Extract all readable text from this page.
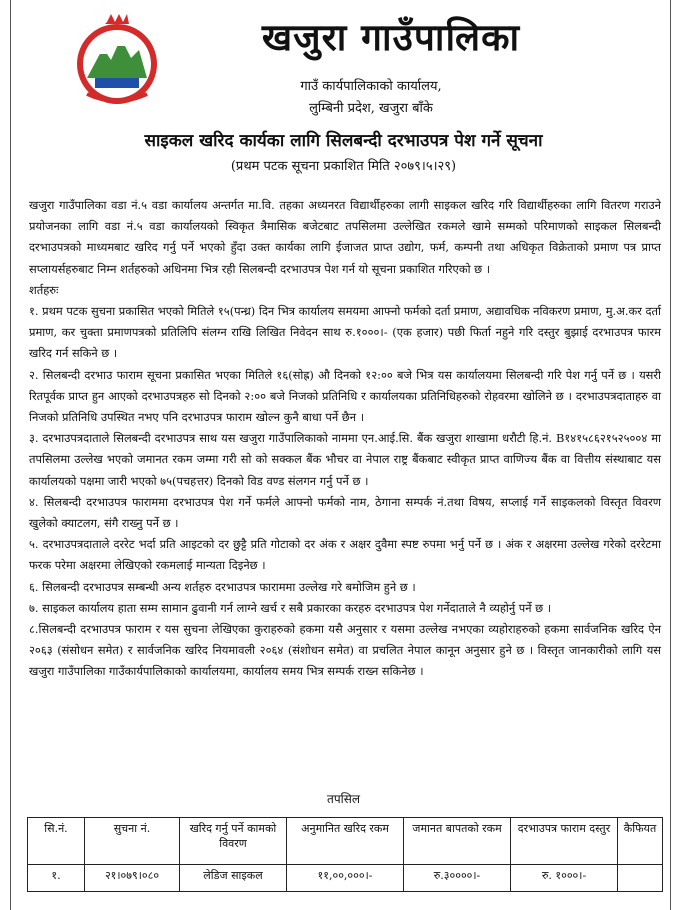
खजुरा गाउँपालिका
गाउँ कार्यपालिकाको कार्यालय,
लुम्बिनी प्रदेश, खजुरा बाँके
साइकल खरिद कार्यका लागि सिलबन्दी दरभाउपत्र पेश गर्ने सूचना
(प्रथम पटक सूचना प्रकाशित मिति २०७९।५।२९)

खजुरा गाउँपालिका वडा नं.५ वडा कार्यालय अन्तर्गत मा.वि. तहका अध्यनरत विद्यार्थीहरुका लागी साइकल खरिद गरि विद्यार्थीहरुका लागि वितरण गराउने प्रयोजनका लागि वडा नं.५ वडा कार्यालयको स्विकृत त्रैमासिक बजेटबाट तपसिलमा उल्लेखित रकमले खामे सम्मको परिमाणको साइकल सिलबन्दी दरभाउपत्रको माध्यमबाट खरिद गर्नु पर्ने भएको हुँदा उक्त कार्यका लागि ईजाजत प्राप्त उद्योग, फर्म, कम्पनी तथा अधिकृत विक्रेताको प्रमाण पत्र प्राप्त सप्लायर्सहरुबाट निम्न शर्तहरुको अधिनमा भित्र रही सिलबन्दी दरभाउपत्र पेश गर्न यो सूचना प्रकाशित गरिएको छ ।

शर्तहरुः

१. प्रथम पटक सुचना प्रकासित भएको मितिले १५(पन्ध्र) दिन भित्र कार्यालय समयमा आफ्नो फर्मको दर्ता प्रमाण, अद्यावधिक नविकरण प्रमाण, मु.अ.कर दर्ता प्रमाण, कर चुक्ता प्रमाणपत्रको प्रतिलिपि संलग्न राखि लिखित निवेदन साथ रु.१०००।- (एक हजार) पछी फिर्ता नहुने गरि दस्तुर बुझाई दरभाउपत्र फारम खरिद गर्न सकिने छ ।

२. सिलबन्दी दरभाउ फाराम सूचना प्रकासित भएका मितिले १६(सोह्र) औ दिनको १२:०० बजे भित्र यस कार्यालयमा सिलबन्दी गरि पेश गर्नु पर्ने छ । यसरी रितपूर्वक प्राप्त हुन आएको दरभाउपत्रहरु सो दिनको २:०० बजे निजको प्रतिनिधि र कार्यालयका प्रतिनिधिहरुको रोहवरमा खोलिने छ । दरभाउपत्रदाताहरु वा निजको प्रतिनिधि उपस्थित नभए पनि दरभाउपत्र फाराम खोल्न कुनै बाधा पर्ने छैन ।

३. दरभाउपत्रदाताले सिलबन्दी दरभाउपत्र साथ यस खजुरा गाउँपालिकाको नाममा एन.आई.सि. बैंक खजुरा शाखामा धरौटी हि.नं. B१४१५८६२१५२५००४ मा तपसिलमा उल्लेख भएको जमानत रकम जम्मा गरी सो को सक्कल बैंक भौचर वा नेपाल राष्ट्र बैंकबाट स्वीकृत प्राप्त वाणिज्य बैंक वा वित्तीय संस्थाबाट यस कार्यालयको पक्षमा जारी भएको ७५(पचहत्तर) दिनको विड वण्ड संलगन गर्नु पर्ने छ ।

४. सिलबन्दी दरभाउपत्र फाराममा दरभाउपत्र पेश गर्ने फर्मले आफ्नो फर्मको नाम, ठेगाना सम्पर्क नं.तथा विषय, सप्लाई गर्ने साइकलको विस्तृत विवरण खुलेको क्याटलग, संगै राख्नु पर्ने छ ।

५. दरभाउपत्रदाताले दररेट भर्दा प्रति आइटको दर छुट्टै प्रति गोटाको दर अंक र अक्षर दुवैमा स्पष्ट रुपमा भर्नु पर्ने छ । अंक र अक्षरमा उल्लेख गरेको दररेटमा फरक परेमा अक्षरमा लेखिएको रकमलाई मान्यता दिइनेछ ।

६. सिलबन्दी दरभाउपत्र सम्बन्धी अन्य शर्तहरु दरभाउपत्र फाराममा उल्लेख गरे बमोजिम हुने छ ।

७. साइकल कार्यालय हाता सम्म सामान ढुवानी गर्न लाग्ने खर्च र सबै प्रकारका करहरु दरभाउपत्र पेश गर्नेदाताले नै व्यहोर्नु पर्ने छ ।

८.सिलबन्दी दरभाउपत्र फाराम र यस सुचना लेखिएका कुराहरुको हकमा यसै अनुसार र यसमा उल्लेख नभएका व्यहोराहरुको हकमा सार्वजनिक खरिद ऐन २०६३ (संसोधन समेत) र सार्वजनिक खरिद नियमावली २०६४ (संशोधन समेत) वा प्रचलित नेपाल कानून अनुसार हुने छ । विस्तृत जानकारीको लागि यस खजुरा गाउँपालिका गाउँकार्यपालिकाको कार्यालयमा, कार्यालय समय भित्र सम्पर्क राख्न सकिनेछ ।

तपसिल
सि.नं.	सुचना नं.	खरिद गर्नु पर्ने कामको विवरण	अनुमानित खरिद रकम	जमानत बापतको रकम	दरभाउपत्र फाराम दस्तुर	कैफियत
१.	२१।०७९।०८०	लेडिज साइकल	११,००,०००।-	रु.३००००।-	रु. १०००।-	
